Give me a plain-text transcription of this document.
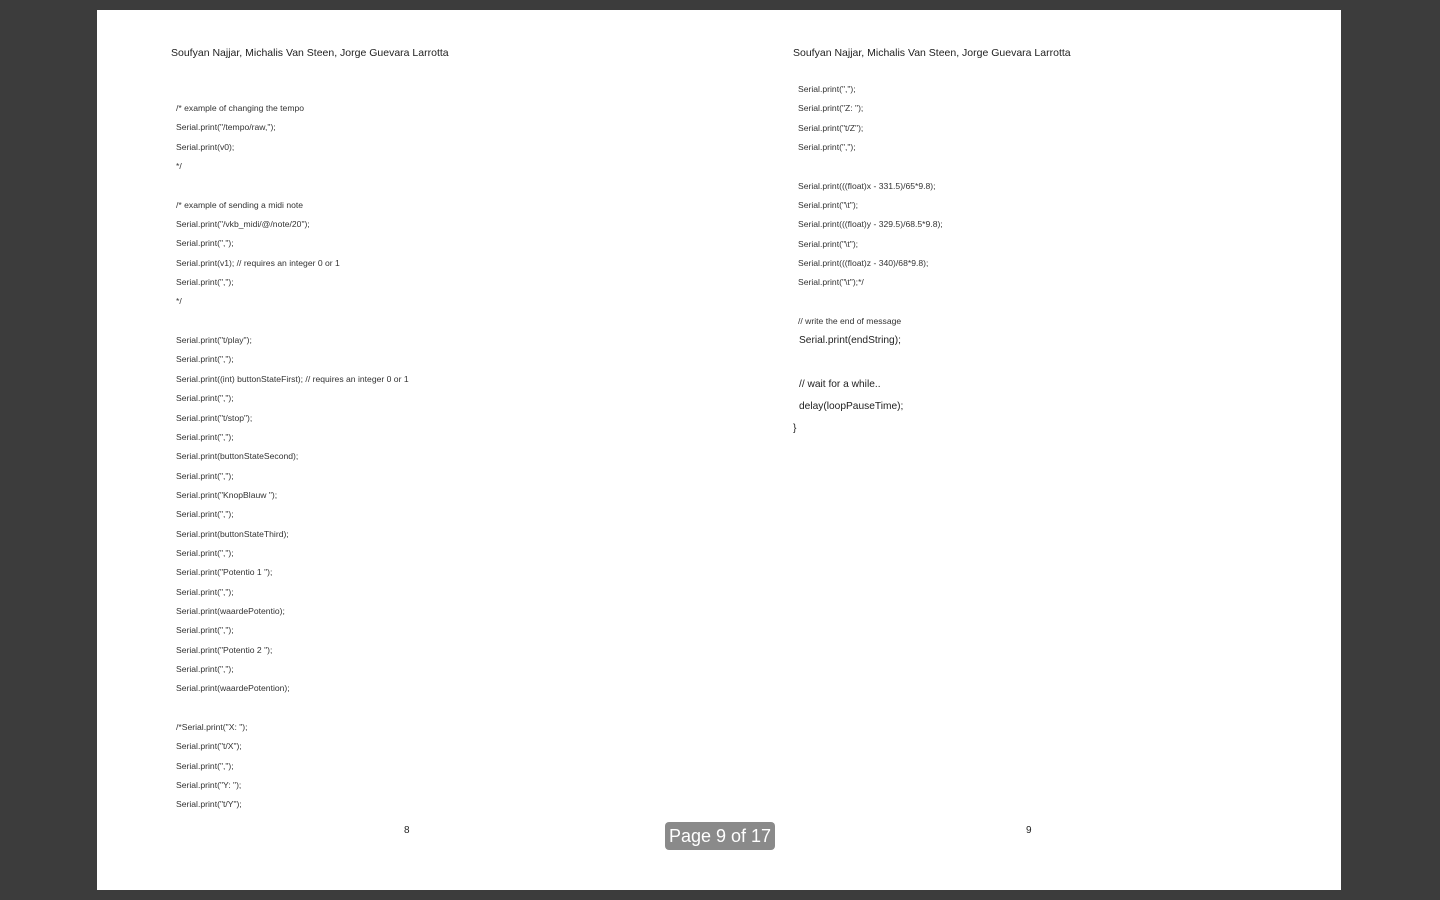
Soufyan Najjar, Michalis Van Steen, Jorge Guevara Larrotta	Soufyan Najjar, Michalis Van Steen, Jorge Guevara Larrotta
/* example of changing the tempo
Serial.print("/tempo/raw,");
Serial.print(v0);
*/
/* example of sending a midi note
Serial.print("/vkb_midi/@/note/20");
Serial.print(",");
Serial.print(v1); // requires an integer 0 or 1
Serial.print(",");
*/
Serial.print("t/play");
Serial.print(",");
Serial.print((int) buttonStateFirst); // requires an integer 0 or 1
Serial.print(",");
Serial.print("t/stop");
Serial.print(",");
Serial.print(buttonStateSecond);
Serial.print(",");
Serial.print("KnopBlauw ");
Serial.print(",");
Serial.print(buttonStateThird);
Serial.print(",");
Serial.print("Potentio 1 ");
Serial.print(",");
Serial.print(waardePotentio);
Serial.print(",");
Serial.print("Potentio 2 ");
Serial.print(",");
Serial.print(waardePotention);
/*Serial.print("X: ");
Serial.print("t/X");
Serial.print(",");
Serial.print("Y: ");
Serial.print("t/Y");
Serial.print(",");
Serial.print("Z: ");
Serial.print("t/Z");
Serial.print(",");
Serial.print(((float)x - 331.5)/65*9.8);
Serial.print("\t");
Serial.print(((float)y - 329.5)/68.5*9.8);
Serial.print("\t");
Serial.print(((float)z - 340)/68*9.8);
Serial.print("\t");*/
// write the end of message
Serial.print(endString);
// wait for a while..
delay(loopPauseTime);
}
8	9
Page 9 of 17
